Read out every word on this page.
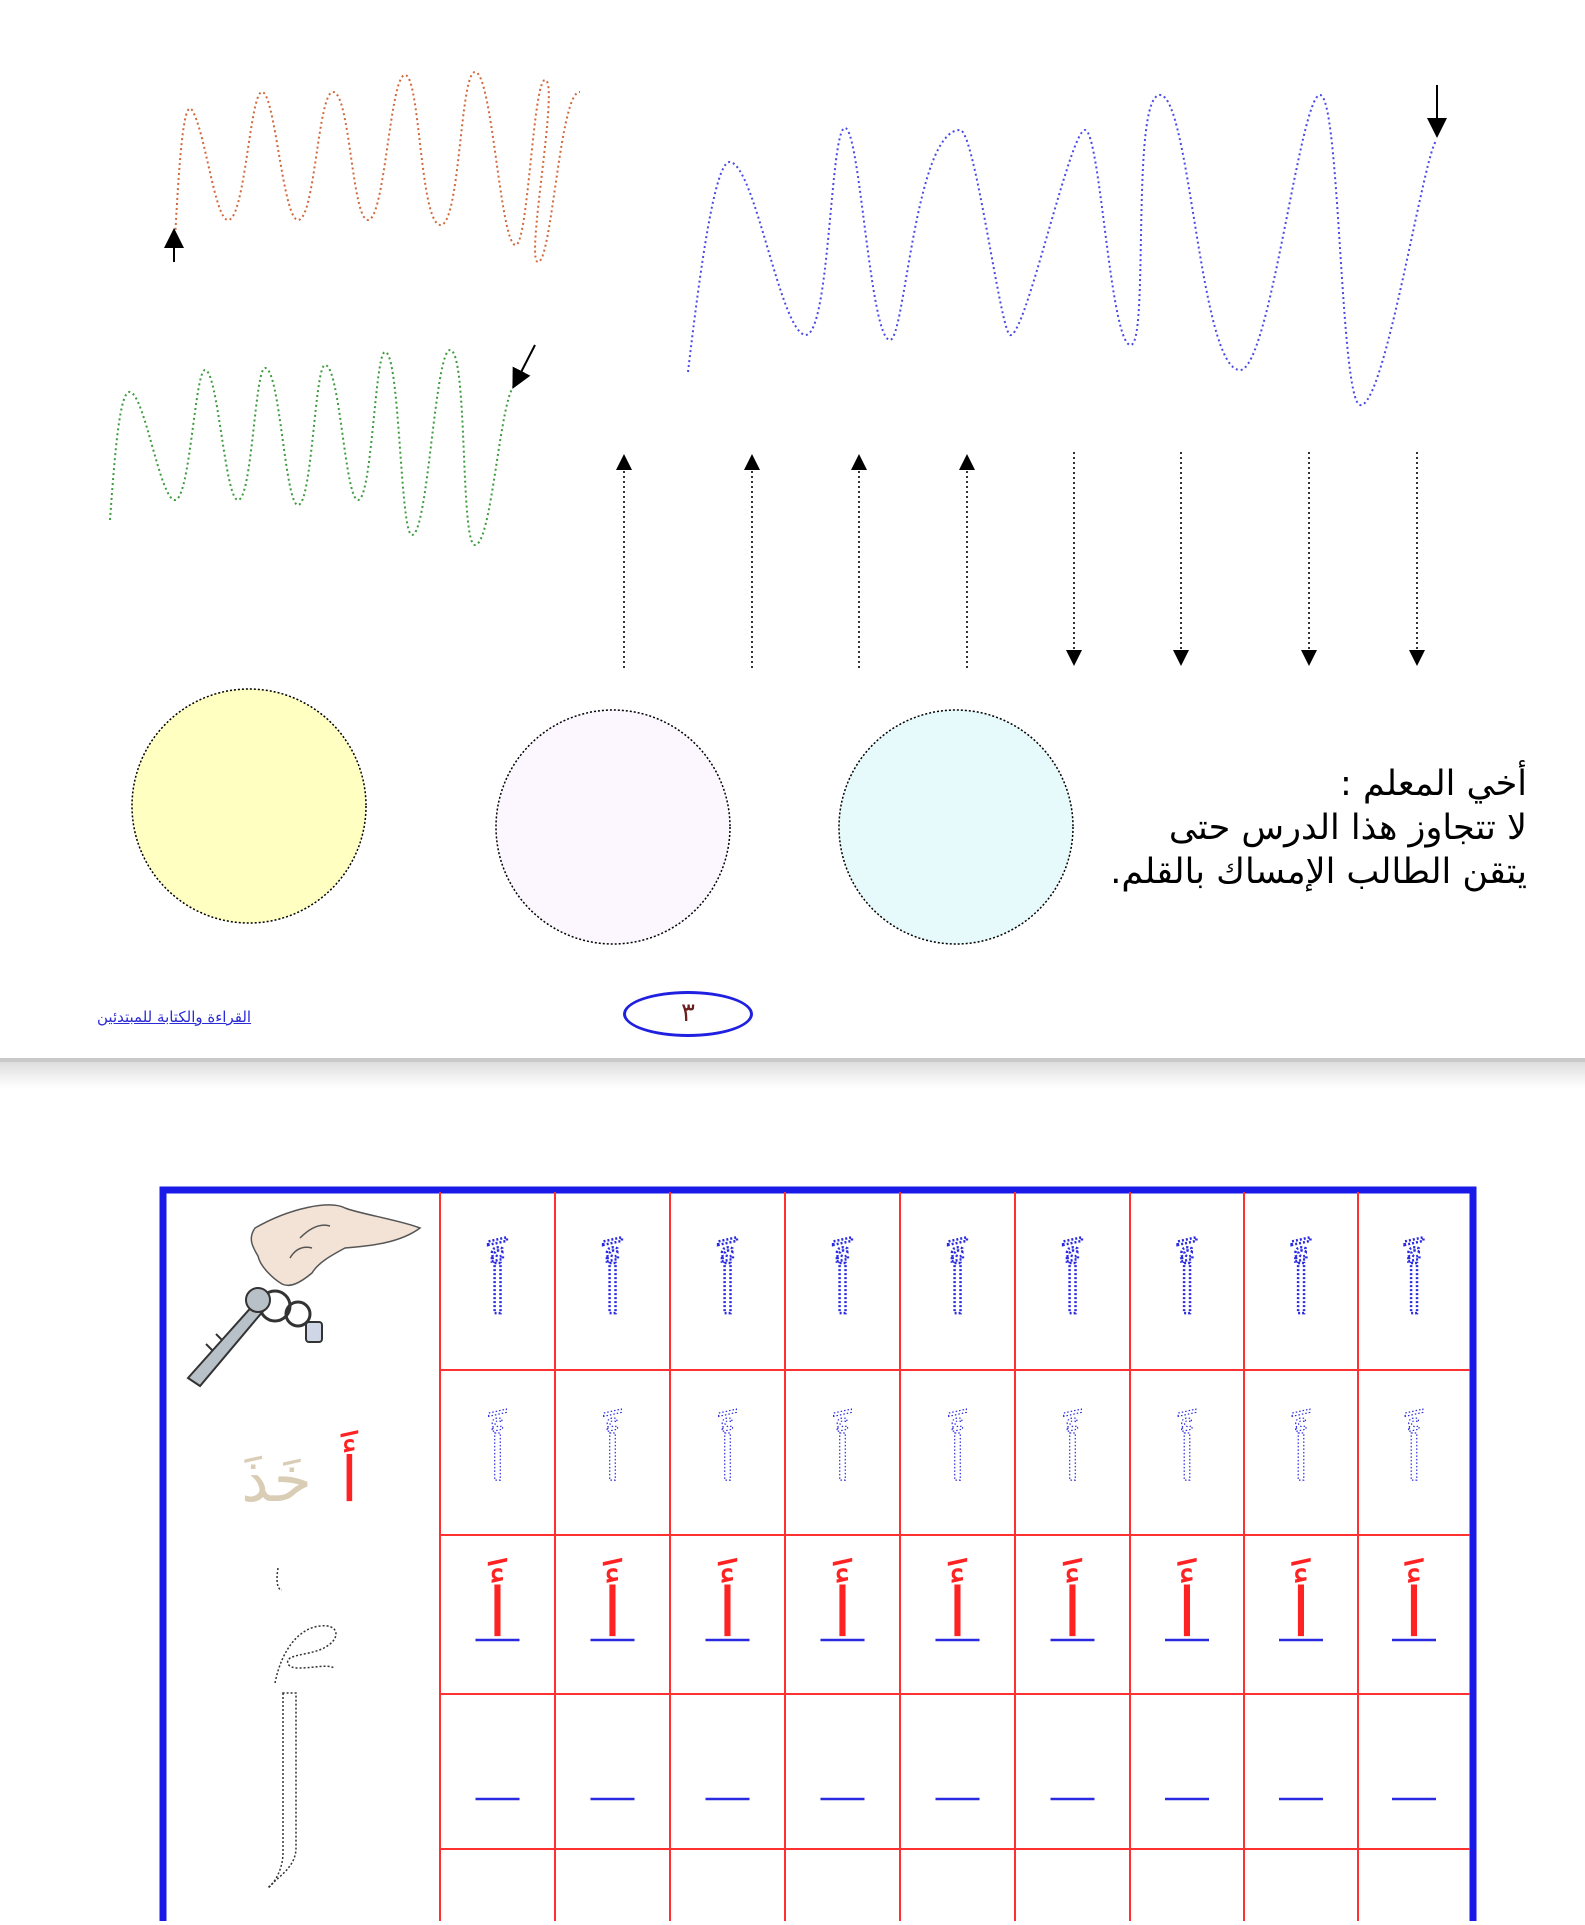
أخي المعلم :
لا تتجاوز هذا الدرس حتى
يتقن الطالب الإمساك بالقلم.
القراءة والكتابة للمبتدئين	٣
أَ
أَ
أَ
أَ
أَ
أَ
أَ
أَ
أَ
أَ
أَ
أَ
أَ
أَ
أَ
أَ
أَ
أَ
أَ
أَ
أَ
أَ
أَ
أَ
أَ
أَ
أَ
أَ
خَذَ
